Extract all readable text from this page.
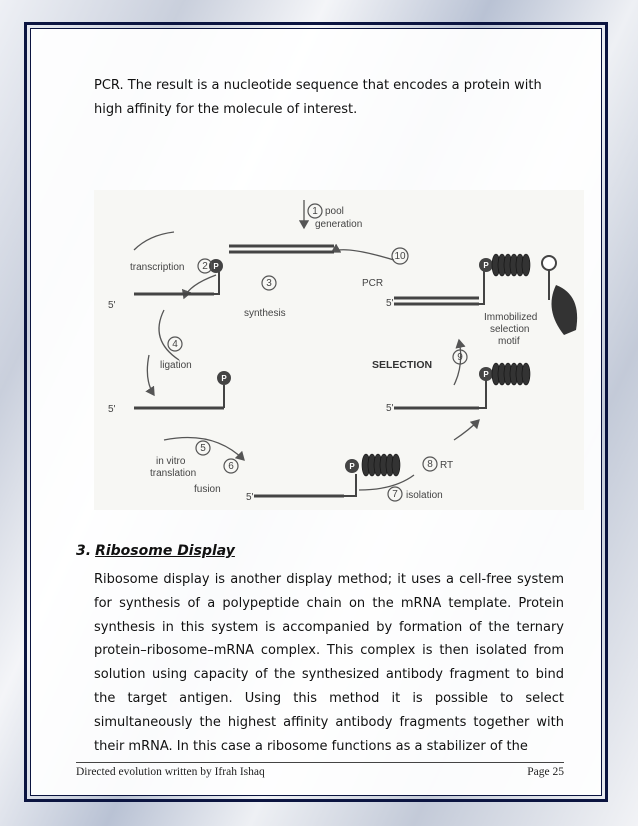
PCR. The result is a nucleotide sequence that encodes a protein with high affinity for the molecule of interest.

P
P
P
P
P
1
2
3
4
5
6
7
8
9
10
pool
generation
transcription
synthesis
ligation
in vitro
translation
fusion
isolation
RT
PCR
5'
5'
5'
5'
5'
Immobilized
selection
motif
SELECTION
3. Ribosome Display

Ribosome display is another display method; it uses a cell-free system for synthesis of a polypeptide chain on the mRNA template. Protein synthesis in this system is accompanied by formation of the ternary protein–ribosome–mRNA complex. This complex is then isolated from solution using capacity of the synthesized antibody fragment to bind the target antigen. Using this method it is possible to select simultaneously the highest affinity antibody fragments together with their mRNA. In this case a ribosome functions as a stabilizer of the

Directed evolution written by Ifrah Ishaq	Page 25
